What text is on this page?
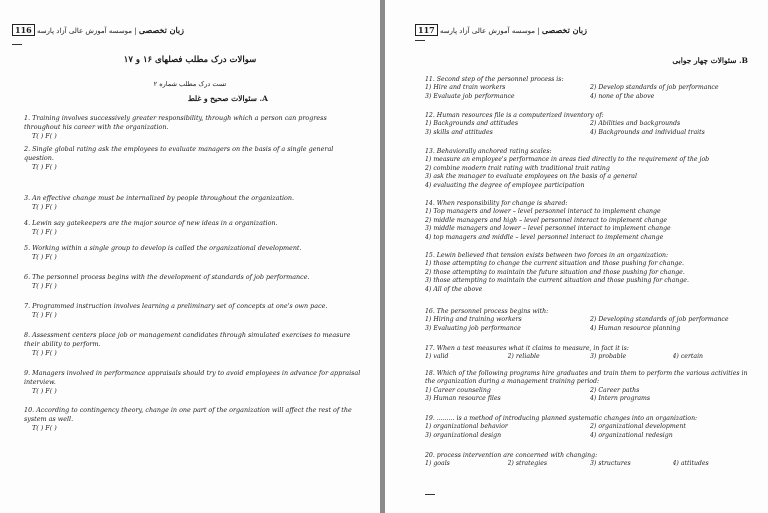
116	زبان تخصصی | موسسه آموزش عالی آزاد پارسه
سوالات درک مطلب فصلهای ۱۶ و ۱۷
تست درک مطلب شماره ۲
A. سئوالات صحیح و غلط
1. Training involves successively greater responsibility, through which a person can progress throughout his career with the organization.
T( ) F( )
2. Single global rating ask the employees to evaluate managers on the basis of a single general question.
T( ) F( )
3. An effective change must be internalized by people throughout the organization.
T( ) F( )
4. Lewin say gatekeepers are the major source of new ideas in a organization.
T( ) F( )
5. Working within a single group to develop is called the organizational development.
T( ) F( )
6. The personnel process begins with the development of standards of job performance.
T( ) F( )
7. Programmed instruction involves learning a preliminary set of concepts at one's own pace.
T( ) F( )
8. Assessment centers place job or management candidates through simulated exercises to measure their ability to perform.
T( ) F( )
9. Managers involved in performance appraisals should try to avoid employees in advance for appraisal interview.
T( ) F( )
10. According to contingency theory, change in one part of the organization will affect the rest of the system as well.
T( ) F( )
117	زبان تخصصی | موسسه آموزش عالی آزاد پارسه
B. سئوالات چهار جوابی
11. Second step of the personnel process is:
1) Hire and train workers	2) Develop standards of job performance
3) Evaluate job performance	4) none of the above
12. Human resources file is a computerized inventory of:
1) Backgrounds and attitudes	2) Abilities and backgrounds
3) skills and attitudes	4) Backgrounds and individual traits
13. Behaviorally anchored rating scales:
1) measure an employee's performance in areas tied directly to the requirement of the job
2) combine modern trait rating with traditional trait rating
3) ask the manager to evaluate employees on the basis of a general
4) evaluating the degree of employee participation
14. When responsibility for change is shared:
1) Top managers and lower – level personnel interact to implement change
2) middle managers and high – level personnel interact to implement change
3) middle managers and lower – level personnel interact to implement change
4) top managers and middle – level personnel interact to implement change
15. Lewin believed that tension exists between two forces in an organization:
1) those attempting to change the current situation and those pushing for change.
2) those attempting to maintain the future situation and those pushing for change.
3) those attempting to maintain the current situation and those pushing for change.
4) All of the above
16. The personnel process begins with:
1) Hiring and training workers	2) Developing standards of job performance
3) Evaluating job performance	4) Human resource planning
17. When a test measures what it claims to measure, in fact it is:
1) valid	2) reliable	3) probable	4) certain
18. Which of the following programs hire graduates and train them to perform the various activities in the organization during a management training period:
1) Career counseling	2) Career paths
3) Human resource files	4) Intern programs
19. ......... is a method of introducing planned systematic changes into an organization:
1) organizational behavior	2) organizational development
3) organizational design	4) organizational redesign
20. process intervention are concerned with changing:
1) goals	2) strategies	3) structures	4) attitudes
